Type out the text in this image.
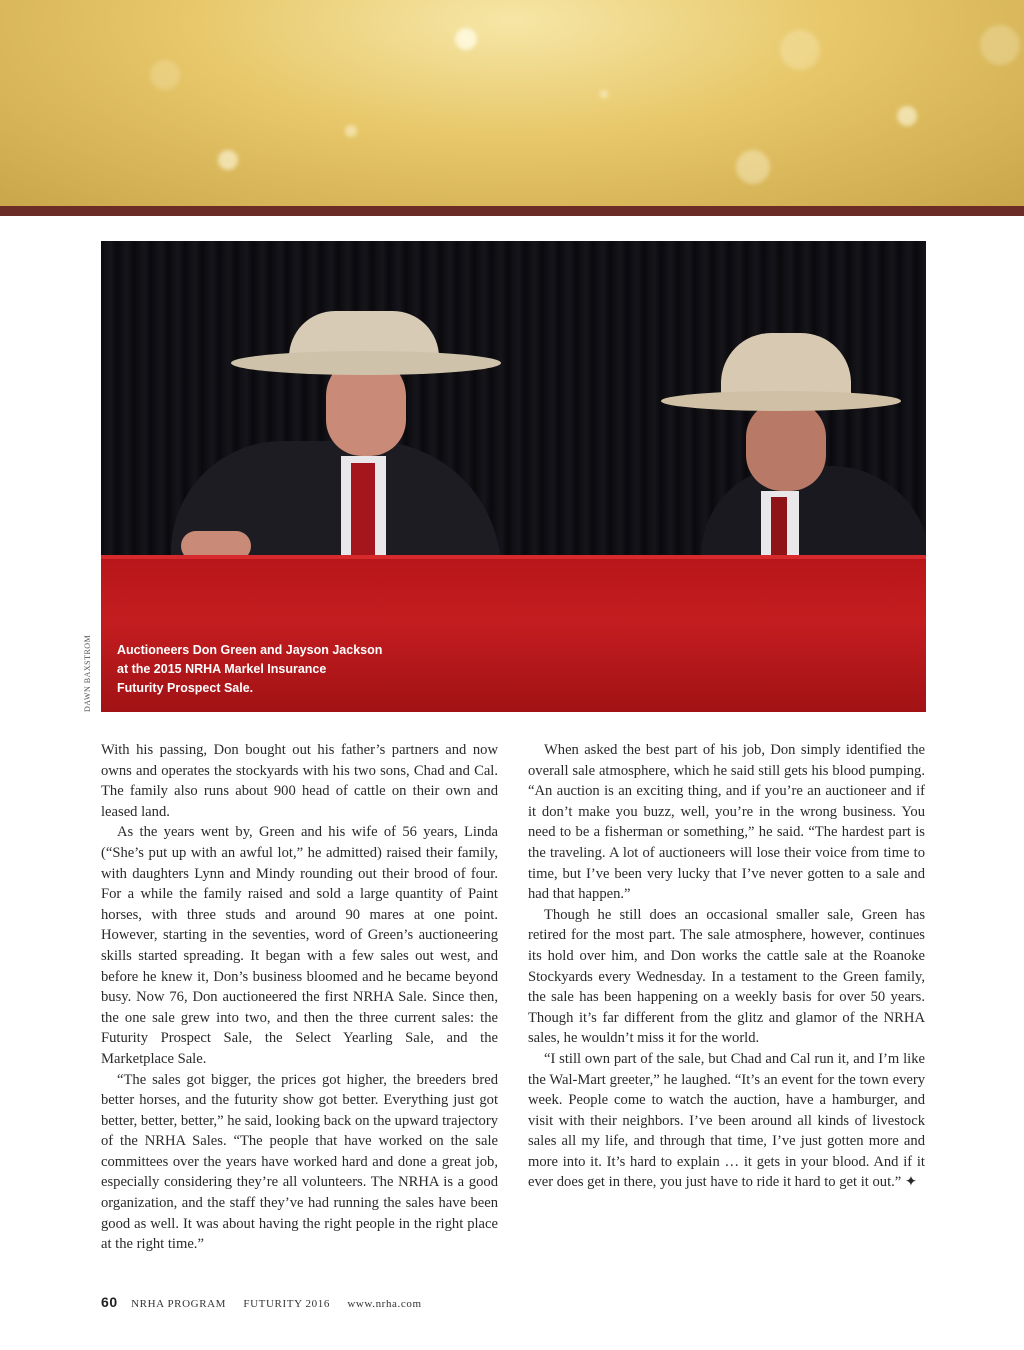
Auctioneers Don Green and Jayson Jackson
at the 2015 NRHA Markel Insurance
Futurity Prospect Sale.
DAWN BAXSTROM

With his passing, Don bought out his father’s partners and now owns and operates the stockyards with his two sons, Chad and Cal. The family also runs about 900 head of cattle on their own and leased land.

As the years went by, Green and his wife of 56 years, Linda (“She’s put up with an awful lot,” he admitted) raised their family, with daughters Lynn and Mindy rounding out their brood of four. For a while the family raised and sold a large quantity of Paint horses, with three studs and around 90 mares at one point. However, starting in the seventies, word of Green’s auctioneering skills started spreading. It began with a few sales out west, and before he knew it, Don’s business bloomed and he became beyond busy. Now 76, Don auctioneered the first NRHA Sale. Since then, the one sale grew into two, and then the three current sales: the Futurity Prospect Sale, the Select Yearling Sale, and the Marketplace Sale.

“The sales got bigger, the prices got higher, the breeders bred better horses, and the futurity show got better. Everything just got better, better, better,” he said, looking back on the upward trajectory of the NRHA Sales. “The people that have worked on the sale committees over the years have worked hard and done a great job, especially considering they’re all volunteers. The NRHA is a good organization, and the staff they’ve had running the sales have been good as well. It was about having the right people in the right place at the right time.”

When asked the best part of his job, Don simply identified the overall sale atmosphere, which he said still gets his blood pumping. “An auction is an exciting thing, and if you’re an auctioneer and if it don’t make you buzz, well, you’re in the wrong business. You need to be a fisherman or something,” he said. “The hardest part is the traveling. A lot of auctioneers will lose their voice from time to time, but I’ve been very lucky that I’ve never gotten to a sale and had that happen.”

Though he still does an occasional smaller sale, Green has retired for the most part. The sale atmosphere, however, continues its hold over him, and Don works the cattle sale at the Roanoke Stockyards every Wednesday. In a testament to the Green family, the sale has been happening on a weekly basis for over 50 years. Though it’s far different from the glitz and glamor of the NRHA sales, he wouldn’t miss it for the world.

“I still own part of the sale, but Chad and Cal run it, and I’m like the Wal-Mart greeter,” he laughed. “It’s an event for the town every week. People come to watch the auction, have a hamburger, and visit with their neighbors. I’ve been around all kinds of livestock sales all my life, and through that time, I’ve just gotten more and more into it. It’s hard to explain … it gets in your blood. And if it ever does get in there, you just have to ride it hard to get it out.” ✦

60 NRHA PROGRAM FUTURITY 2016 www.nrha.com
